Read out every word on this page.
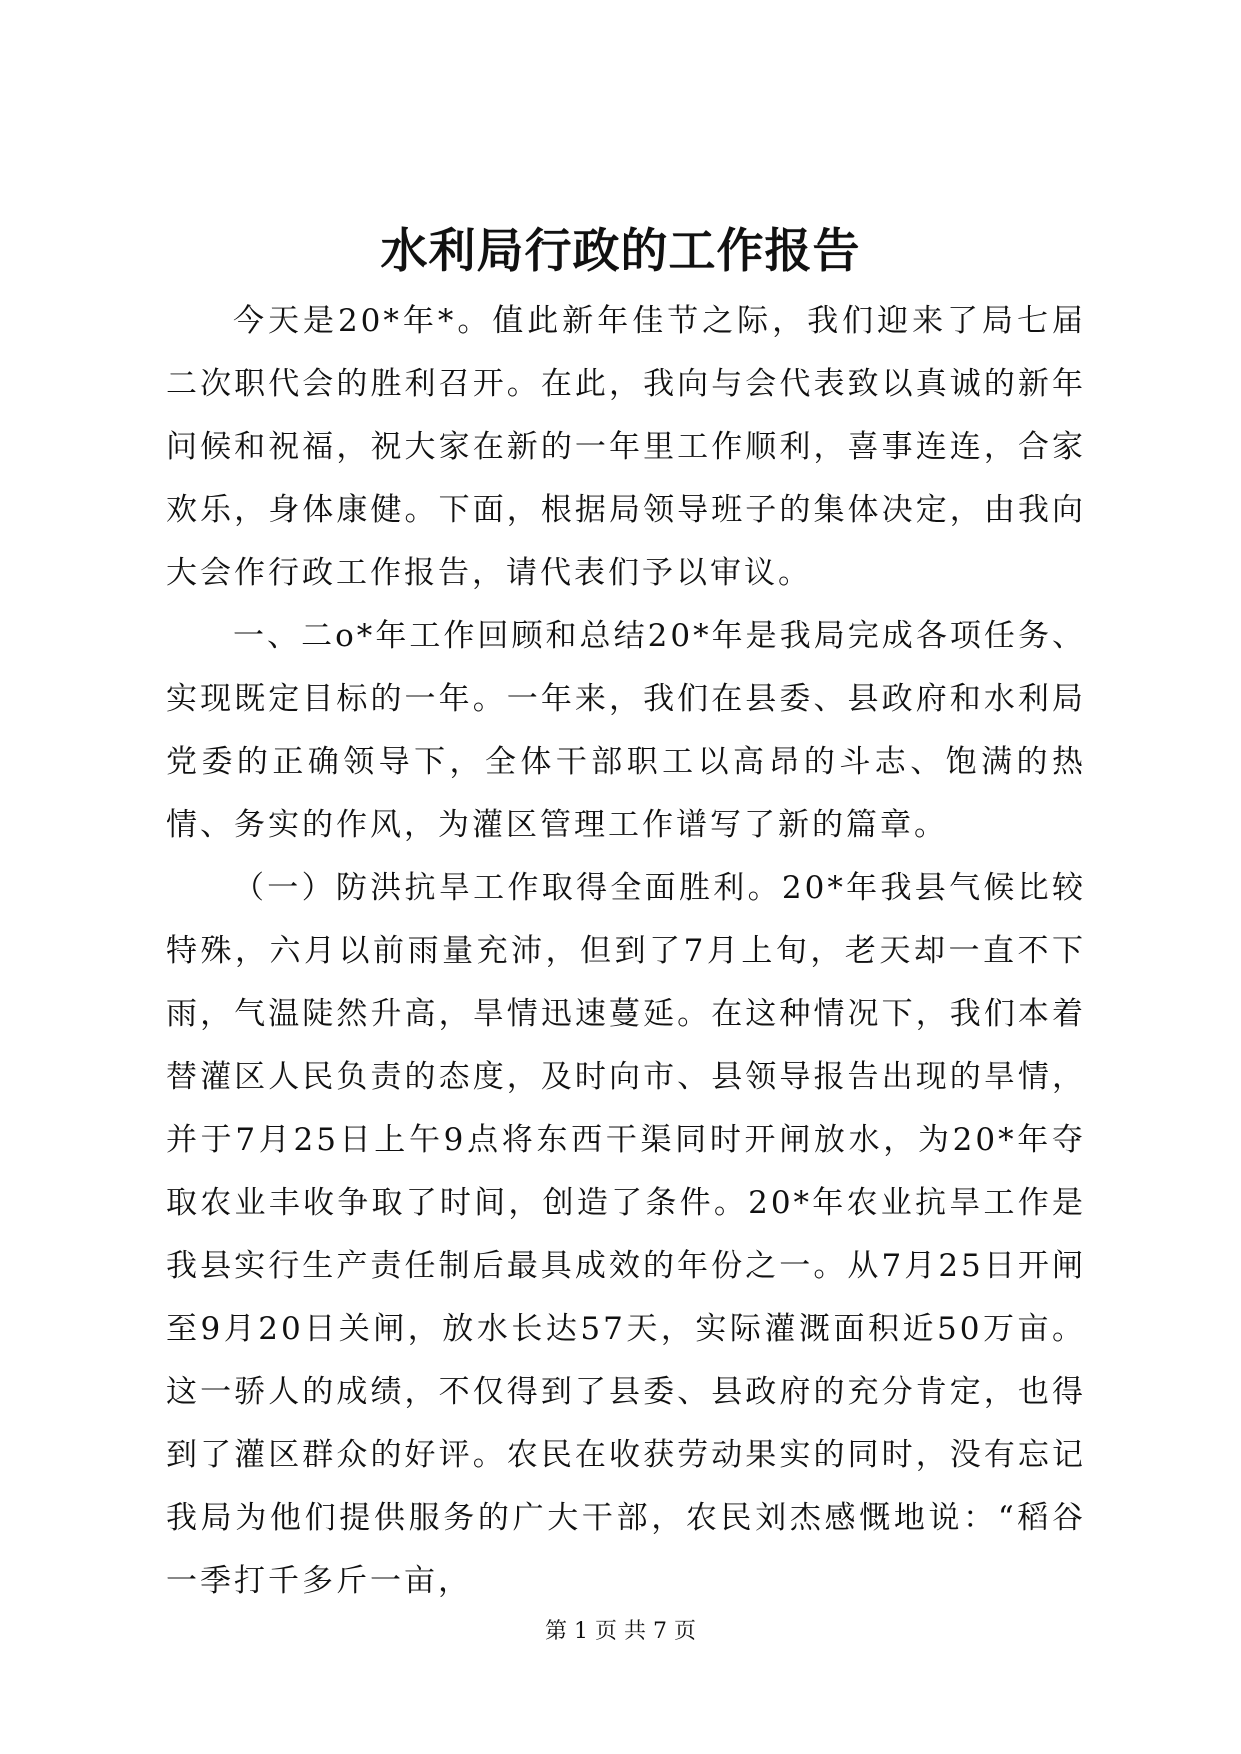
水利局行政的工作报告

今天是20*年*。值此新年佳节之际，我们迎来了局七届二次职代会的胜利召开。在此，我向与会代表致以真诚的新年问候和祝福，祝大家在新的一年里工作顺利，喜事连连，合家欢乐，身体康健。下面，根据局领导班子的集体决定，由我向大会作行政工作报告，请代表们予以审议。

一、二o*年工作回顾和总结20*年是我局完成各项任务、实现既定目标的一年。一年来，我们在县委、县政府和水利局党委的正确领导下，全体干部职工以高昂的斗志、饱满的热情、务实的作风，为灌区管理工作谱写了新的篇章。

（一）防洪抗旱工作取得全面胜利。20*年我县气候比较特殊，六月以前雨量充沛，但到了7月上旬，老天却一直不下雨，气温陡然升高，旱情迅速蔓延。在这种情况下，我们本着替灌区人民负责的态度，及时向市、县领导报告出现的旱情，并于7月25日上午9点将东西干渠同时开闸放水，为20*年夺取农业丰收争取了时间，创造了条件。20*年农业抗旱工作是我县实行生产责任制后最具成效的年份之一。从7月25日开闸至9月20日关闸，放水长达57天，实际灌溉面积近50万亩。这一骄人的成绩，不仅得到了县委、县政府的充分肯定，也得到了灌区群众的好评。农民在收获劳动果实的同时，没有忘记我局为他们提供服务的广大干部，农民刘杰感慨地说：“稻谷一季打千多斤一亩，

第 1 页 共 7 页
